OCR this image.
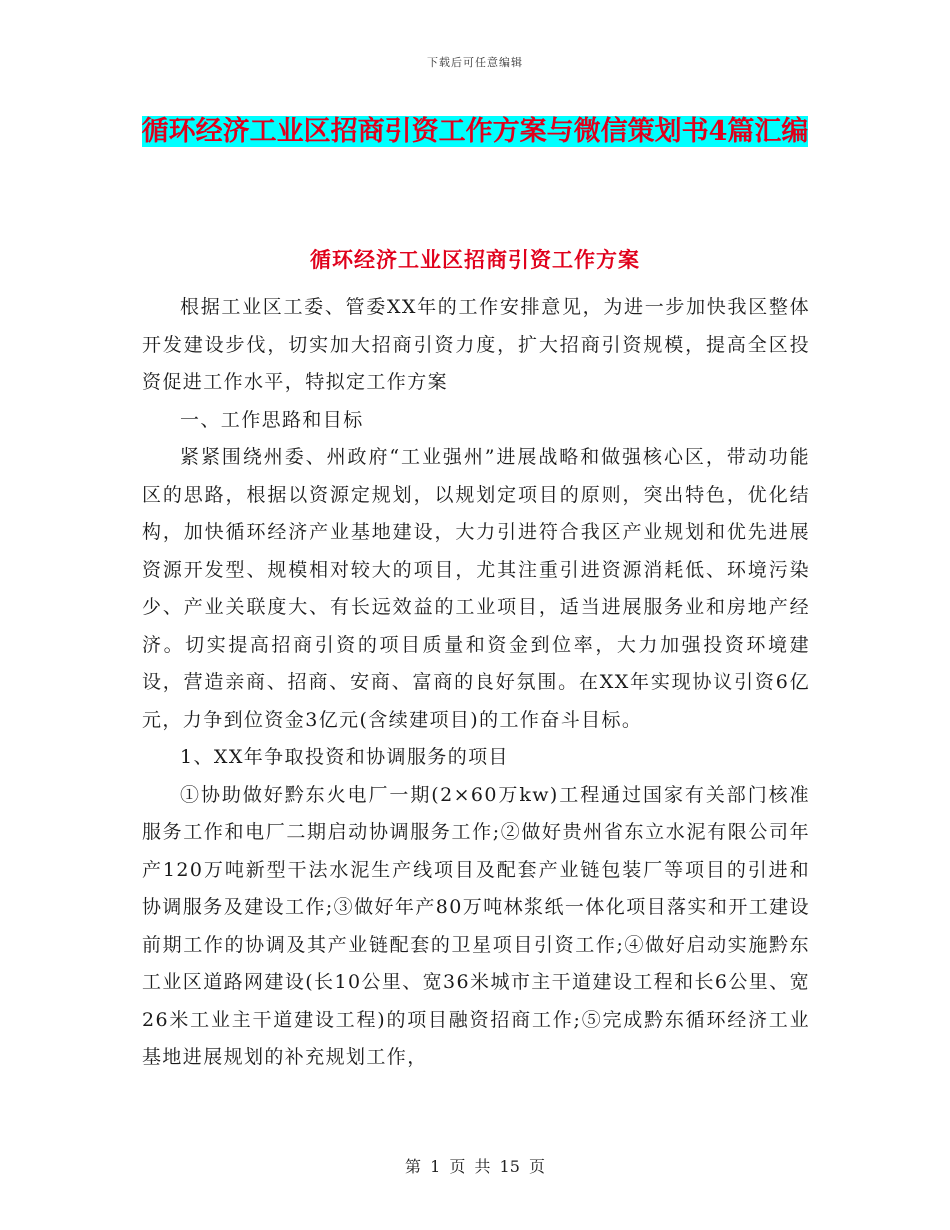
下载后可任意编辑
循环经济工业区招商引资工作方案与微信策划书4篇汇编
循环经济工业区招商引资工作方案

根据工业区工委、管委XX年的工作安排意见，为进一步加快我区整体开发建设步伐，切实加大招商引资力度，扩大招商引资规模，提高全区投资促进工作水平，特拟定工作方案

一、工作思路和目标

紧紧围绕州委、州政府“工业强州”进展战略和做强核心区，带动功能区的思路，根据以资源定规划，以规划定项目的原则，突出特色，优化结构，加快循环经济产业基地建设，大力引进符合我区产业规划和优先进展资源开发型、规模相对较大的项目，尤其注重引进资源消耗低、环境污染少、产业关联度大、有长远效益的工业项目，适当进展服务业和房地产经济。切实提高招商引资的项目质量和资金到位率，大力加强投资环境建设，营造亲商、招商、安商、富商的良好氛围。在XX年实现协议引资6亿元，力争到位资金3亿元(含续建项目)的工作奋斗目标。

1、XX年争取投资和协调服务的项目

①协助做好黔东火电厂一期(2×60万kw)工程通过国家有关部门核准服务工作和电厂二期启动协调服务工作;②做好贵州省东立水泥有限公司年产120万吨新型干法水泥生产线项目及配套产业链包装厂等项目的引进和协调服务及建设工作;③做好年产80万吨林浆纸一体化项目落实和开工建设前期工作的协调及其产业链配套的卫星项目引资工作;④做好启动实施黔东工业区道路网建设(长10公里、宽36米城市主干道建设工程和长6公里、宽26米工业主干道建设工程)的项目融资招商工作;⑤完成黔东循环经济工业基地进展规划的补充规划工作，

第 1 页 共 15 页
